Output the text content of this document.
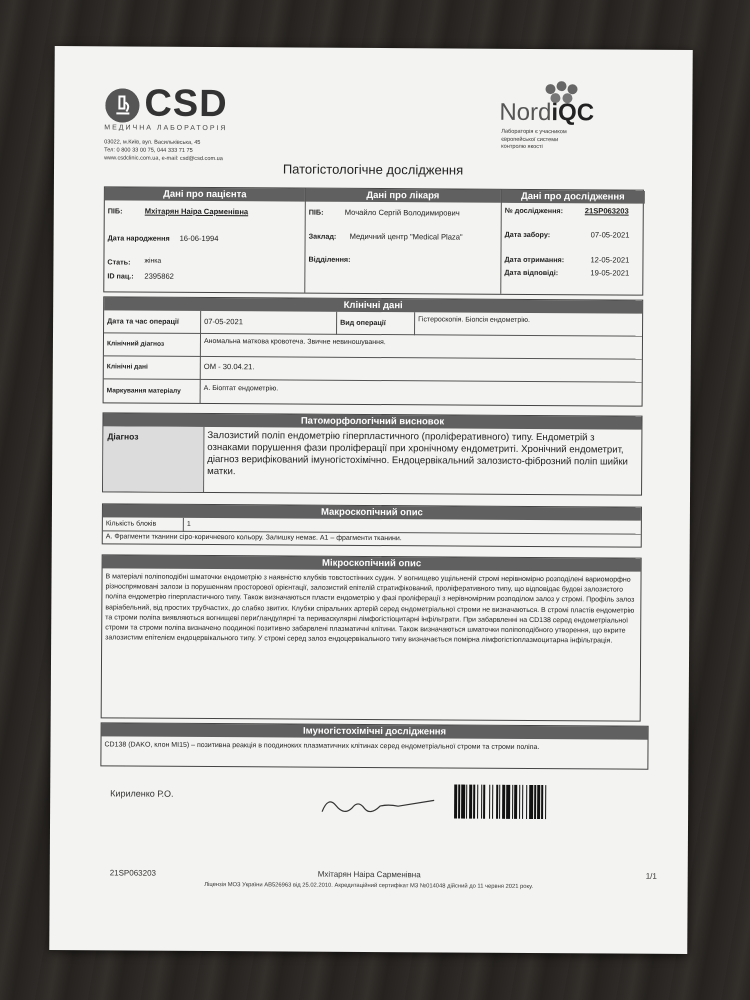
CSD
МЕДИЧНА ЛАБОРАТОРІЯ
03022, м.Київ, вул. Васильківська, 45
Тел: 0 800 33 00 75, 044 333 71 75
www.csdclinic.com.ua, e-mail: csd@csd.com.ua
NordiQC
Лабораторія є учасником
європейської системи
контролю якості
Патогістологічне дослідження
Дані про пацієнта	Дані про лікаря	Дані про дослідження
ПІБ:	Мхітарян Наіра Сарменівна
Дата народження 16-06-1994
Стать: жінка
ID пац.: 2395862
ПІБ:	Мочайло Сергій Володимирович
Заклад: Медичний центр "Medical Plaza"
Відділення:
№ дослідження:	21SP063203
Дата забору:	07-05-2021
Дата отримання:	12-05-2021
Дата відповіді:	19-05-2021
Клінічні дані
Дата та час операції	07-05-2021	Вид операції	Гістероскопія. Біопсія ендометрію.
Клінічний діагноз	Аномальна маткова кровотеча. Звичне невиношування.
Клінічні дані	ОМ - 30.04.21.
Маркування матеріалу	А. Біоптат ендометрію.
Патоморфологічний висновок
Діагноз	Залозистий поліп ендометрію гіперпластичного (проліферативного) типу. Ендометрій з ознаками порушення фази проліферації при хронічному ендометриті. Хронічний ендометрит, діагноз верифікований імуногістохімічно. Ендоцервікальний залозисто-фіброзний поліп шийки матки.
Макроскопічний опис
Кількість блоків	1
А. Фрагменти тканини сіро-коричневого кольору. Залишку немає. А1 – фрагменти тканини.
Мікроскопічний опис
В матеріалі поліпоподібні шматочки ендометрію з наявністю клубків товстостінних судин. У вогнищево ущільненій стромі нерівномірно розподілені вариоморфно різноспрямовані залози із порушенням просторової орієнтації, залозистий епітелій стратифікований, проліферативного типу, що відповідає будові залозистого поліпа ендометрію гіперпластичного типу. Також визначаються пласти ендометрію у фазі проліферації з нерівномірним розподілом залоз у стромі. Профіль залоз варіабельний, від простих трубчастих, до слабко звитих. Клубки спіральних артерій серед ендометріальної строми не визначаються. В стромі пластів ендометрію та строми поліпа виявляються вогнищеві периґландулярні та периваскулярні лімфогістіоцитарні інфільтрати. При забарвленні на CD138 серед ендометріальної строми та строми поліпа визначено поодинокі позитивно забарвлені плазматичні клітини. Також визначаються шматочки поліпоподібного утворення, що вкрите залозистим епітелієм ендоцервікального типу. У стромі серед залоз ендоцервікального типу визначається помірна лімфогістіоплазмоцитарна інфільтрація.
Імуногістохімічні дослідження
CD138 (DAKO, клон MI15) – позитивна реакція в поодиноких плазматичних клітинах серед ендометріальної строми та строми поліпа.
Кириленко Р.О.
21SP063203	Мхітарян Наіра Сарменівна	1/1
Ліцензія МОЗ України АВ526963 від 25.02.2010. Акредитаційний сертифікат МЗ №014048 дійсний до 11 червня 2021 року.
